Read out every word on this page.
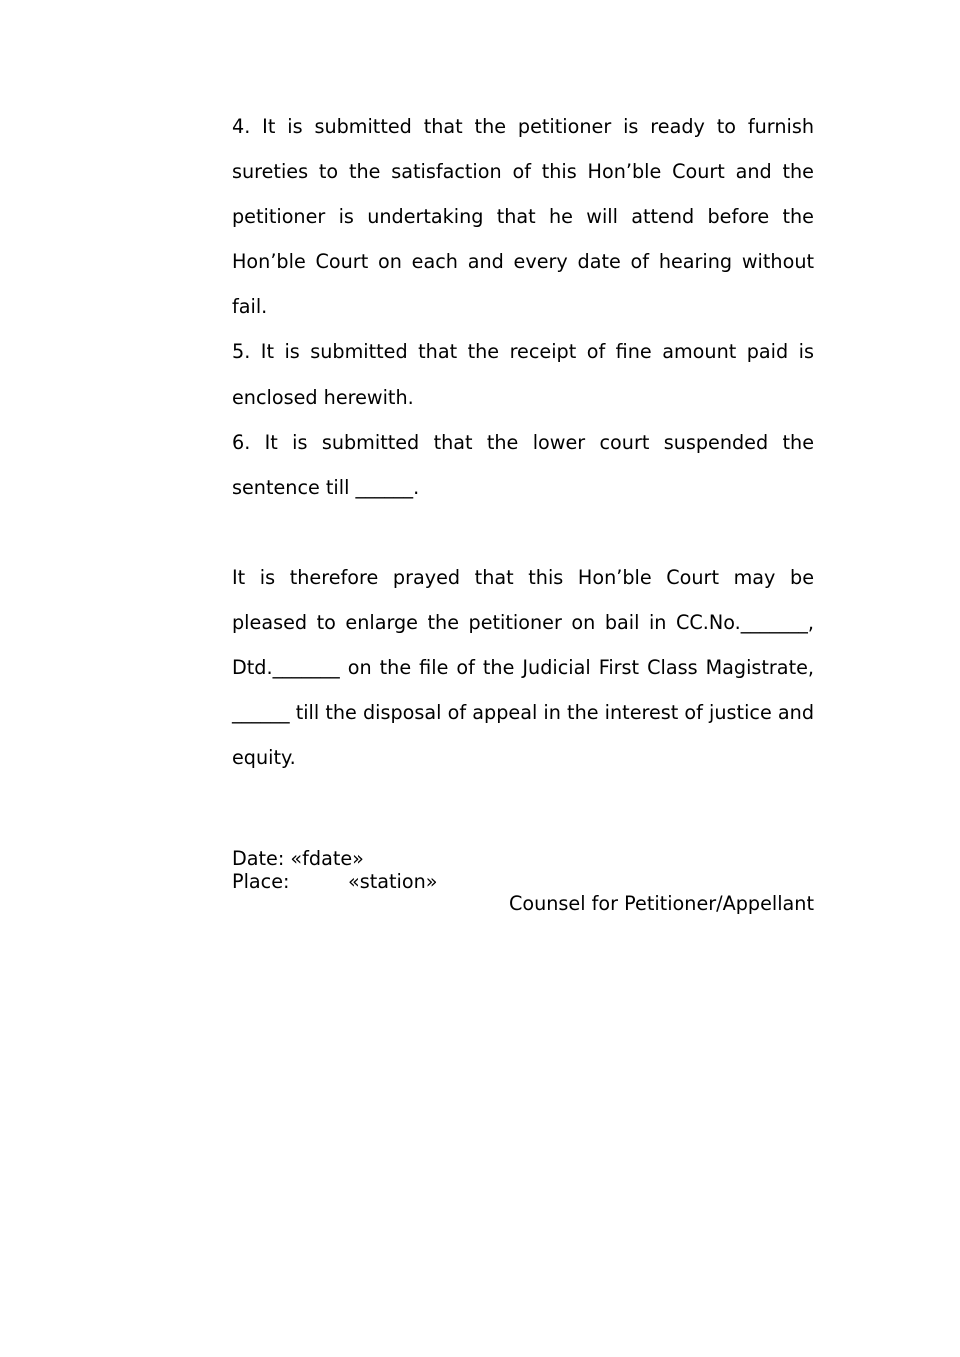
4. It is submitted that the petitioner is ready to furnish sureties to the satisfaction of this Hon’ble Court and the petitioner is undertaking that he will attend before the Hon’ble Court on each and every date of hearing without fail.

5. It is submitted that the receipt of fine amount paid is enclosed herewith.

6. It is submitted that the lower court suspended the sentence till ______.

It is therefore prayed that this Hon’ble Court may be pleased to enlarge the petitioner on bail in CC.No._______, Dtd._______ on the file of the Judicial First Class Magistrate, ______ till the disposal of appeal in the interest of justice and equity.

Date: «fdate»
Place:	«station»
Counsel for Petitioner/Appellant
